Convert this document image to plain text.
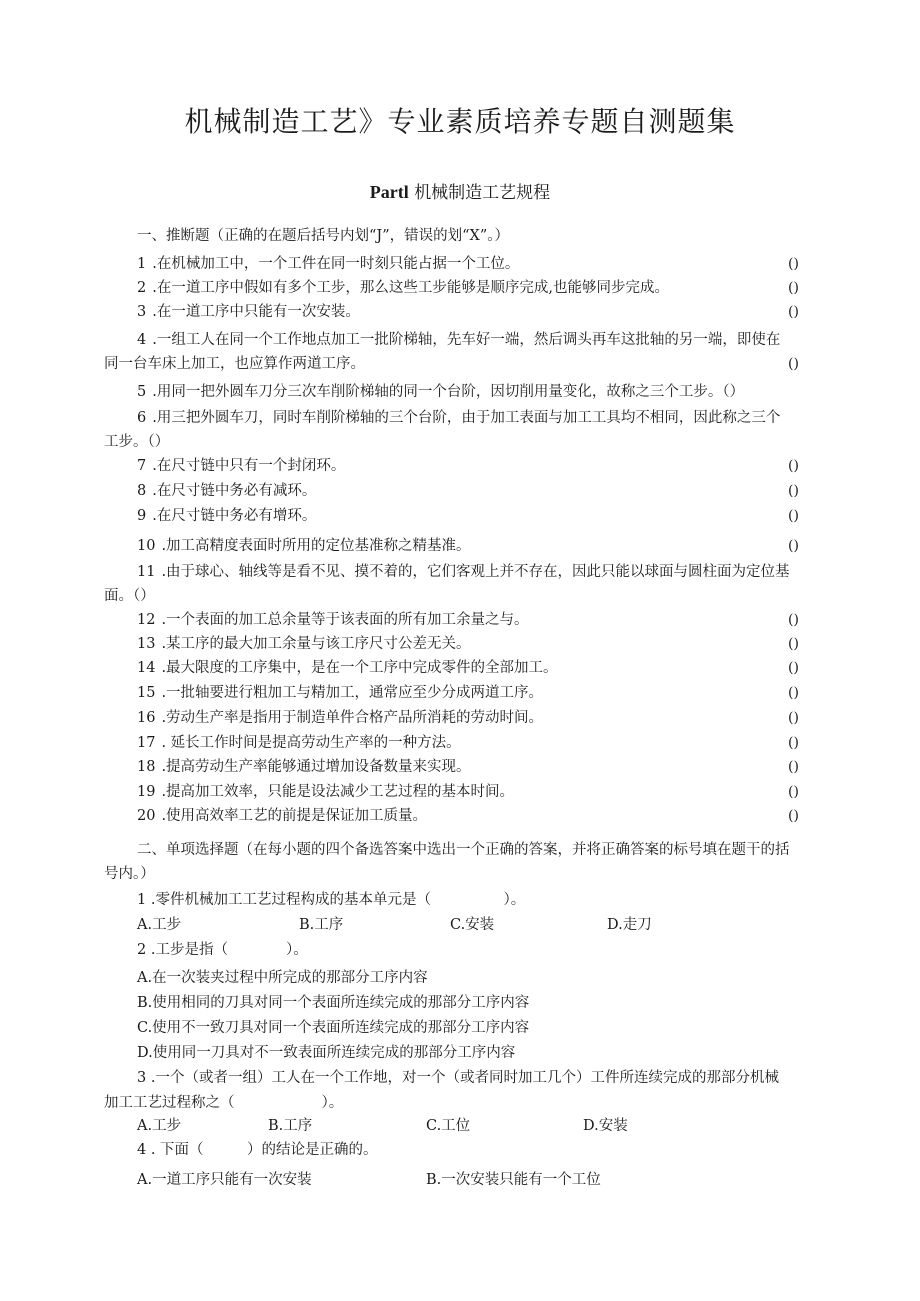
机械制造工艺》专业素质培养专题自测题集
Partl 机械制造工艺规程
一、推断题（正确的在题后括号内划“J”，错误的划“X”。）
1 .在机械加工中，一个工件在同一时刻只能占据一个工位。	()
2 .在一道工序中假如有多个工步，那么这些工步能够是顺序完成,也能够同步完成。	()
3 .在一道工序中只能有一次安装。	()
4 .一组工人在同一个工作地点加工一批阶梯轴，先车好一端，然后调头再车这批轴的另一端，即使在
同一台车床上加工，也应算作两道工序。	()
5 .用同一把外圆车刀分三次车削阶梯轴的同一个台阶，因切削用量变化，故称之三个工步。（）
6 .用三把外圆车刀，同时车削阶梯轴的三个台阶，由于加工表面与加工工具均不相同，因此称之三个
工步。（）
7 .在尺寸链中只有一个封闭环。	()
8 .在尺寸链中务必有减环。	()
9 .在尺寸链中务必有增环。	()
10 .加工高精度表面时所用的定位基准称之精基准。	()
11 .由于球心、轴线等是看不见、摸不着的，它们客观上并不存在，因此只能以球面与圆柱面为定位基
面。（）
12 .一个表面的加工总余量等于该表面的所有加工余量之与。	()
13 .某工序的最大加工余量与该工序尺寸公差无关。	()
14 .最大限度的工序集中，是在一个工序中完成零件的全部加工。	()
15 .一批轴要进行粗加工与精加工，通常应至少分成两道工序。	()
16 .劳动生产率是指用于制造单件合格产品所消耗的劳动时间。	()
17 . 延长工作时间是提高劳动生产率的一种方法。	()
18 .提高劳动生产率能够通过增加设备数量来实现。	()
19 .提高加工效率，只能是设法减少工艺过程的基本时间。	()
20 .使用高效率工艺的前提是保证加工质量。	()
二、单项选择题（在每小题的四个备选答案中选出一个正确的答案，并将正确答案的标号填在题干的括
号内。）
1 .零件机械加工工艺过程构成的基本单元是（　　　　　）。
A.工步	B.工序	C.安装	D.走刀
2 .工步是指（　　　　）。
A.在一次装夹过程中所完成的那部分工序内容
B.使用相同的刀具对同一个表面所连续完成的那部分工序内容
C.使用不一致刀具对同一个表面所连续完成的那部分工序内容
D.使用同一刀具对不一致表面所连续完成的那部分工序内容
3 .一个（或者一组）工人在一个工作地，对一个（或者同时加工几个）工件所连续完成的那部分机械
加工工艺过程称之（　　　　　　）。
A.工步	B.工序	C.工位	D.安装
4 . 下面（　　　）的结论是正确的。
A.一道工序只能有一次安装	B.一次安装只能有一个工位
